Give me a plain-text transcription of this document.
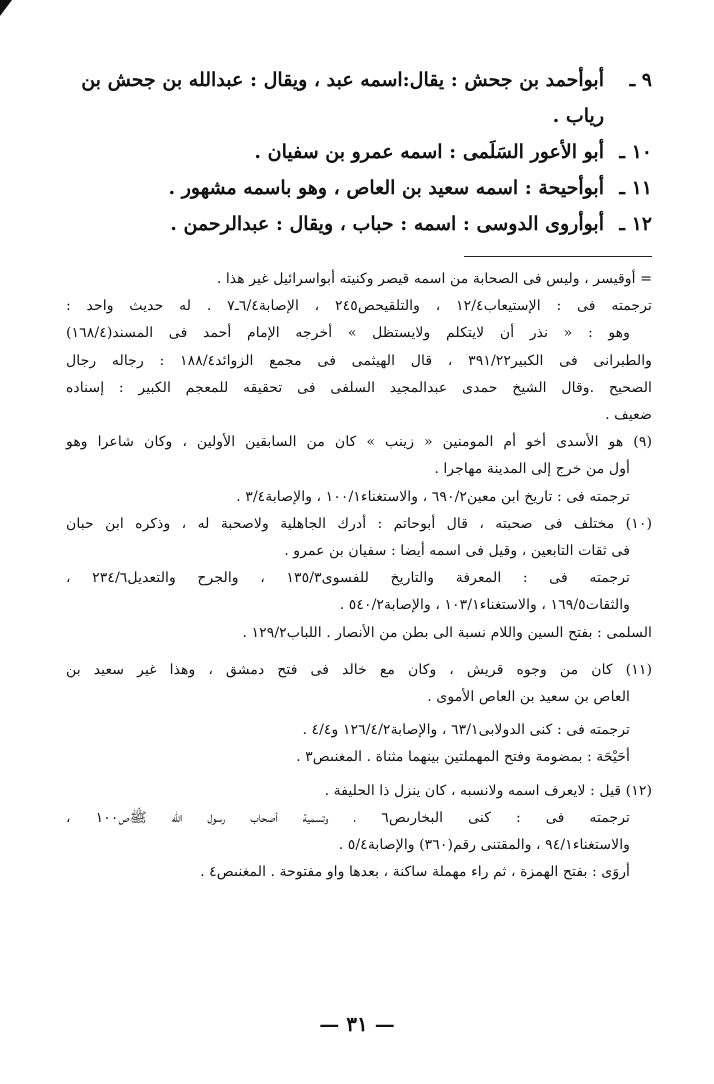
٩ ـ
أبوأحمد بن جحش : يقال:اسمه عبد ، ويقال : عبدالله بن جحش بن رياب .
١٠ ـ
أبو الأعور السَلَمى : اسمه عمرو بن سفيان .
١١ ـ
أبوأحيحة : اسمه سعيد بن العاص ، وهو باسمه مشهور .
١٢ ـ
أبوأروى الدوسى : اسمه : حباب ، ويقال : عبدالرحمن .

= أوقيسر ، وليس فى الصحابة من اسمه قيصر وكنيته أبواسرائيل غير هذا .

ترجمته فى : الإستيعاب١٢/٤ ، والتلقيحص٢٤٥ ، الإصابة٦/٤ـ٧ . له حديث واحد :

وهو : « نذر أن لايتكلم ولايستظل » أخرجه الإمام أحمد فى المسند(١٦٨/٤)

والطبرانى فى الكبير٣٩١/٢٢ ، قال الهيثمى فى مجمع الزوائد١٨٨/٤ : رجاله رجال

الصحيح .وقال الشيخ حمدى عبدالمجيد السلفى فى تحقيقه للمعجم الكبير : إسناده

ضعيف .

(٩) هو الأسدى أخو أم المومنين « زينب » كان من السابقين الأولين ، وكان شاعرا وهو

أول من خرج إلى المدينة مهاجرا .

ترجمته فى : تاريخ ابن معين٦٩٠/٢ ، والاستغناء١٠٠/١ ، والإصابة٣/٤ .

(١٠) مختلف فى صحبته ، قال أبوحاتم : أدرك الجاهلية ولاصحبة له ، وذكره ابن حبان

فى ثقات التابعين ، وقيل فى اسمه أيضا : سفيان بن عمرو .

ترجمته فى : المعرفة والتاريخ للفسوى١٣٥/٣ ، والجرح والتعديل٢٣٤/٦ ،

والثقات١٦٩/٥ ، والاستغناء١٠٣/١ ، والإصابة٥٤٠/٢ .

السلمى : بفتح السين واللام نسبة الى بطن من الأنصار . اللباب١٢٩/٢ .

(١١) كان من وجوه قريش ، وكان مع خالد فى فتح دمشق ، وهذا غير سعيد بن

العاص بن سعيد بن العاص الأموى .

ترجمته فى : كنى الدولابى٦٣/١ ، والإصابة١٢٦/٤/٢ و٤/٤ .

أحَيْحَة : بمضومة وفتح المهملتين بينهما مثناة . المغنىص٣ .

(١٢) قيل : لايعرف اسمه ولانسبه ، كان ينزل ذا الحليفة .

ترجمته فى : كنى البخارىص٦ ، وتسمية أصحاب رسول الله ﷺص١٠٠ ،

والاستغناء٩٤/١ ، والمقتنى رقم(٣٦٠) والإصابة٥/٤ .

أروَى : بفتح الهمزة ، ثم راء مهملة ساكنة ، بعدها واو مفتوحة . المغنىص٤ .

— ٣١ —
